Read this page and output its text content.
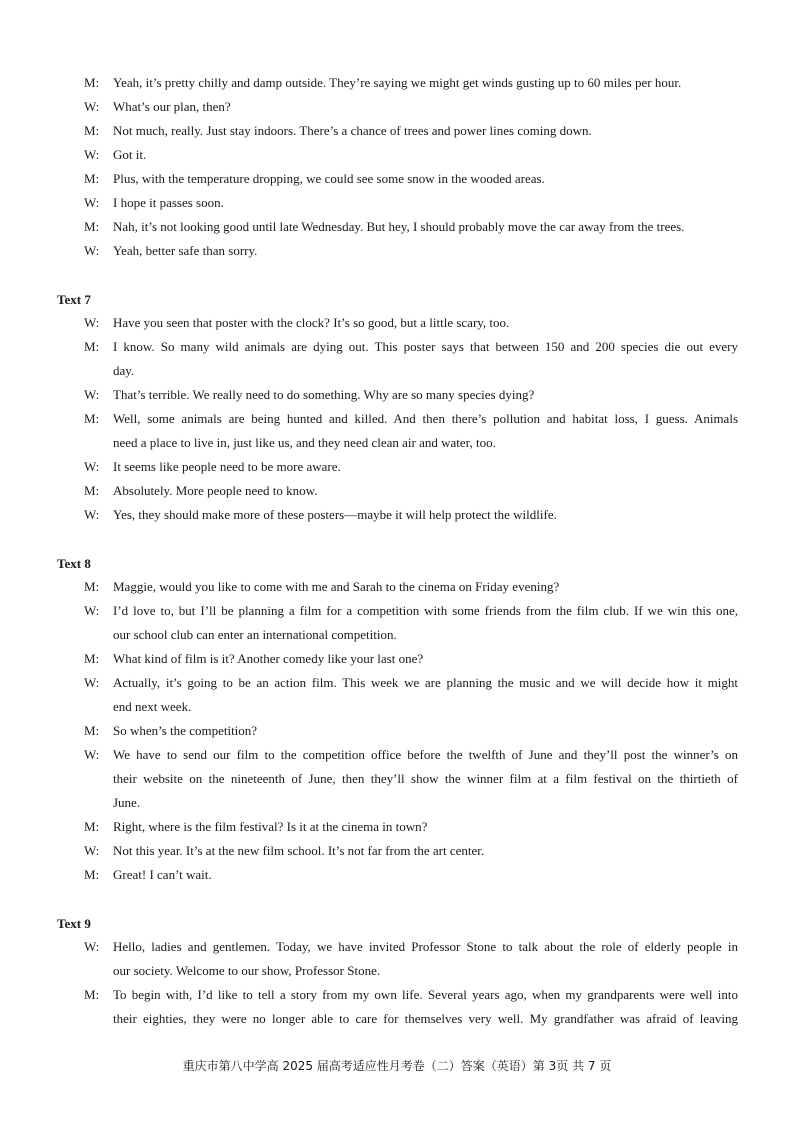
M:	Yeah, it’s pretty chilly and damp outside. They’re saying we might get winds gusting up to 60 miles per hour.
W:	What’s our plan, then?
M:	Not much, really. Just stay indoors. There’s a chance of trees and power lines coming down.
W:	Got it.
M:	Plus, with the temperature dropping, we could see some snow in the wooded areas.
W:	I hope it passes soon.
M:	Nah, it’s not looking good until late Wednesday. But hey, I should probably move the car away from the trees.
W:	Yeah, better safe than sorry.
Text 7
W:	Have you seen that poster with the clock? It’s so good, but a little scary, too.
M:	I know. So many wild animals are dying out. This poster says that between 150 and 200 species die out every
day.
W:	That’s terrible. We really need to do something. Why are so many species dying?
M:	Well, some animals are being hunted and killed. And then there’s pollution and habitat loss, I guess. Animals
need a place to live in, just like us, and they need clean air and water, too.
W:	It seems like people need to be more aware.
M:	Absolutely. More people need to know.
W:	Yes, they should make more of these posters—maybe it will help protect the wildlife.
Text 8
M:	Maggie, would you like to come with me and Sarah to the cinema on Friday evening?
W:	I’d love to, but I’ll be planning a film for a competition with some friends from the film club. If we win this one,
our school club can enter an international competition.
M:	What kind of film is it? Another comedy like your last one?
W:	Actually, it’s going to be an action film. This week we are planning the music and we will decide how it might
end next week.
M:	So when’s the competition?
W:	We have to send our film to the competition office before the twelfth of June and they’ll post the winner’s on
their website on the nineteenth of June, then they’ll show the winner film at a film festival on the thirtieth of
June.
M:	Right, where is the film festival? Is it at the cinema in town?
W:	Not this year. It’s at the new film school. It’s not far from the art center.
M:	Great! I can’t wait.
Text 9
W:	Hello, ladies and gentlemen. Today, we have invited Professor Stone to talk about the role of elderly people in
our society. Welcome to our show, Professor Stone.
M:	To begin with, I’d like to tell a story from my own life. Several years ago, when my grandparents were well into
their eighties, they were no longer able to care for themselves very well. My grandfather was afraid of leaving
重庆市第八中学高 2025 届高考适应性月考卷（二）答案（英语）第 3页 共 7 页
